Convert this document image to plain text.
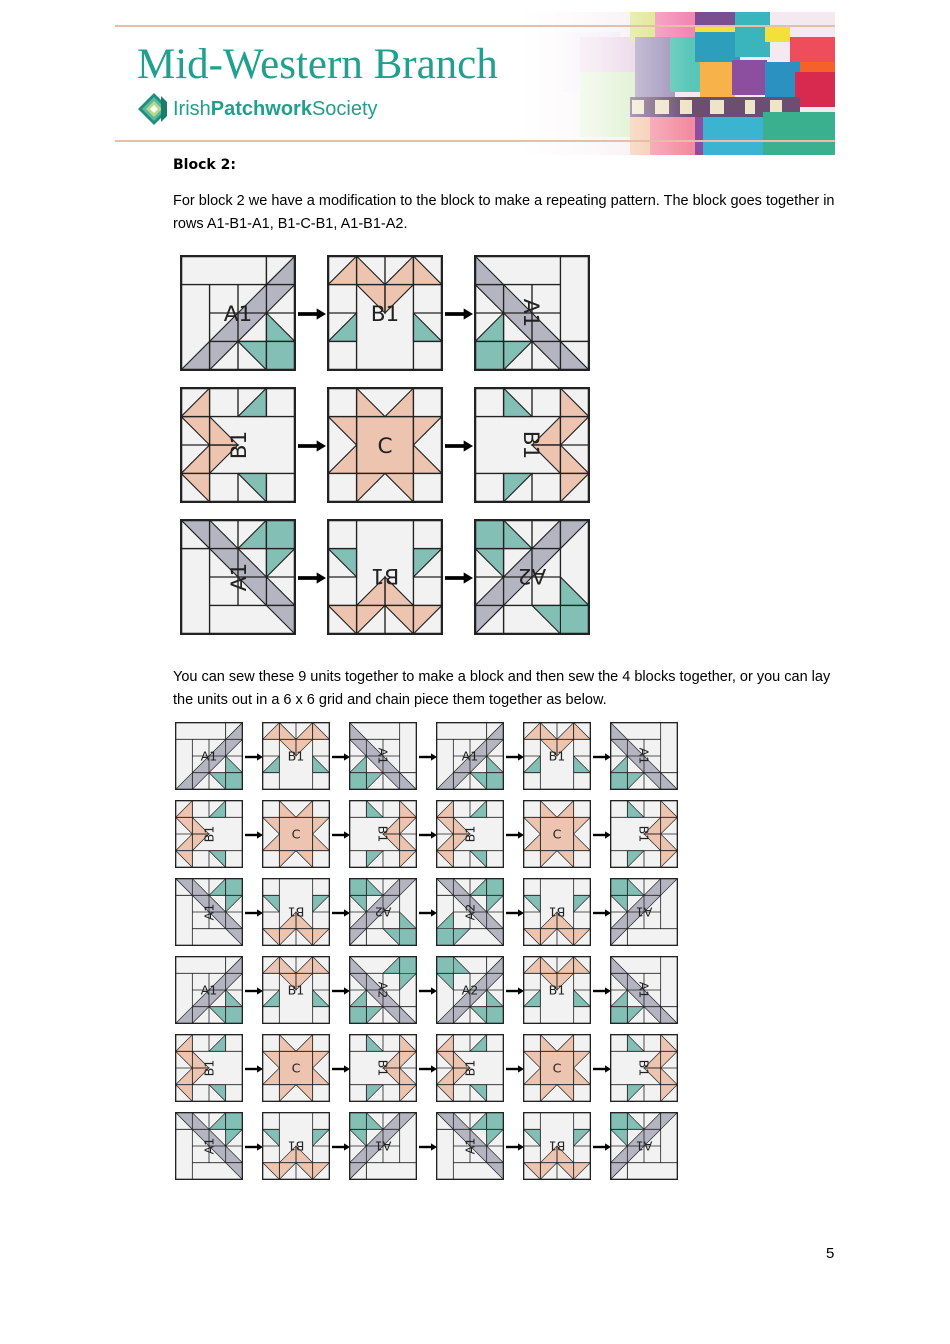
Mid-Western Branch
IrishPatchworkSociety
Block 2:
For block 2 we have a modification to the block to make a repeating pattern. The block goes together in rows A1-B1-A1, B1-C-B1, A1-B1-A2.
A1	B1	A1
B1	C	B1
A1	B1	A2
You can sew these 9 units together to make a block and then sew the 4 blocks together, or you can lay the units out in a 6 x 6 grid and chain piece them together as below.
A1	B1	A1	A1	B1	A1
B1	C	B1	B1	C	B1
A1	B1	A2	A2	B1	A1
A1	B1	A2	A2	B1	A1
B1	C	B1	B1	C	B1
A1	B1	A1	A1	B1	A1
5
